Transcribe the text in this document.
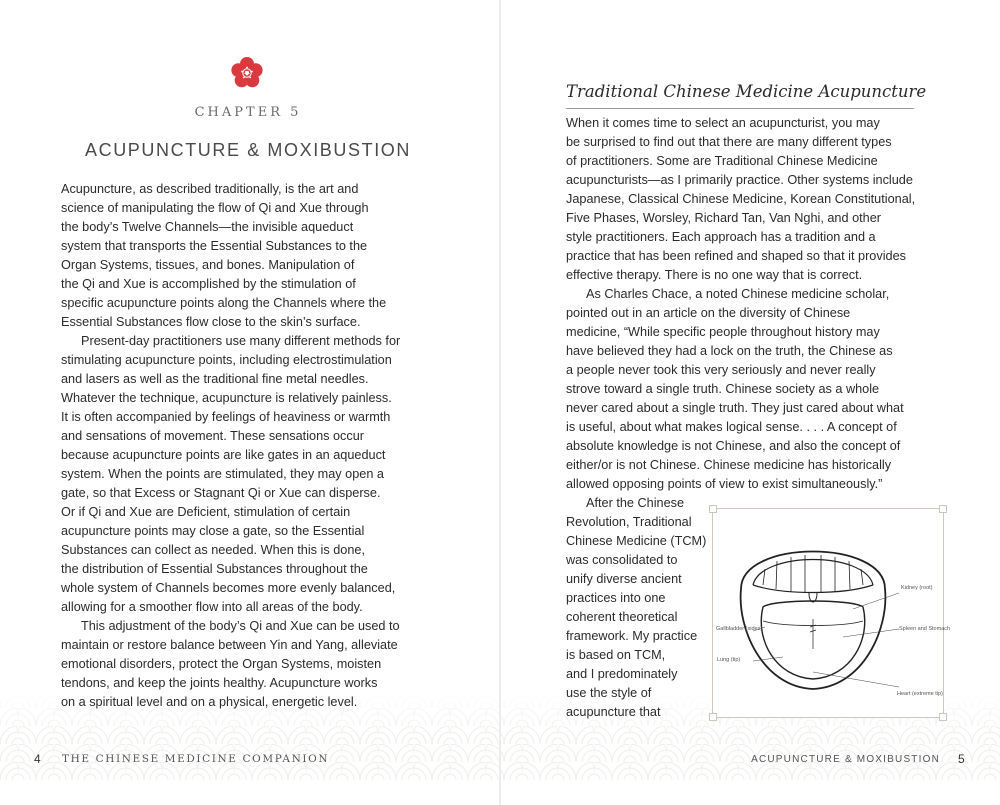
CHAPTER 5
ACUPUNCTURE & MOXIBUSTION
Acupuncture, as described traditionally, is the art and
science of manipulating the flow of Qi and Xue through
the body’s Twelve Channels—the invisible aqueduct
system that transports the Essential Substances to the
Organ Systems, tissues, and bones. Manipulation of
the Qi and Xue is accomplished by the stimulation of
specific acupuncture points along the Channels where the
Essential Substances flow close to the skin’s surface.
Present-day practitioners use many different methods for
stimulating acupuncture points, including electrostimulation
and lasers as well as the traditional fine metal needles.
Whatever the technique, acupuncture is relatively painless.
It is often accompanied by feelings of heaviness or warmth
and sensations of movement. These sensations occur
because acupuncture points are like gates in an aqueduct
system. When the points are stimulated, they may open a
gate, so that Excess or Stagnant Qi or Xue can disperse.
Or if Qi and Xue are Deficient, stimulation of certain
acupuncture points may close a gate, so the Essential
Substances can collect as needed. When this is done,
the distribution of Essential Substances throughout the
whole system of Channels becomes more evenly balanced,
allowing for a smoother flow into all areas of the body.
This adjustment of the body’s Qi and Xue can be used to
maintain or restore balance between Yin and Yang, alleviate
emotional disorders, protect the Organ Systems, moisten
tendons, and keep the joints healthy. Acupuncture works
on a spiritual level and on a physical, energetic level.
4 THE CHINESE MEDICINE COMPANION
Traditional Chinese Medicine Acupuncture
When it comes time to select an acupuncturist, you may
be surprised to find out that there are many different types
of practitioners. Some are Traditional Chinese Medicine
acupuncturists—as I primarily practice. Other systems include
Japanese, Classical Chinese Medicine, Korean Constitutional,
Five Phases, Worsley, Richard Tan, Van Nghi, and other
style practitioners. Each approach has a tradition and a
practice that has been refined and shaped so that it provides
effective therapy. There is no one way that is correct.
As Charles Chace, a noted Chinese medicine scholar,
pointed out in an article on the diversity of Chinese
medicine, “While specific people throughout history may
have believed they had a lock on the truth, the Chinese as
a people never took this very seriously and never really
strove toward a single truth. Chinese society as a whole
never cared about a single truth. They just cared about what
is useful, about what makes logical sense. . . . A concept of
absolute knowledge is not Chinese, and also the concept of
either/or is not Chinese. Chinese medicine has historically
allowed opposing points of view to exist simultaneously.”
After the Chinese
Revolution, Traditional
Chinese Medicine (TCM)
was consolidated to
unify diverse ancient
practices into one
coherent theoretical
framework. My practice
is based on TCM,
and I predominately
use the style of
acupuncture that
Kidney (root)
Gallbladder (sides)	Spleen and Stomach
Lung (tip)
Heart (extreme tip)
ACUPUNCTURE & MOXIBUSTION 5
